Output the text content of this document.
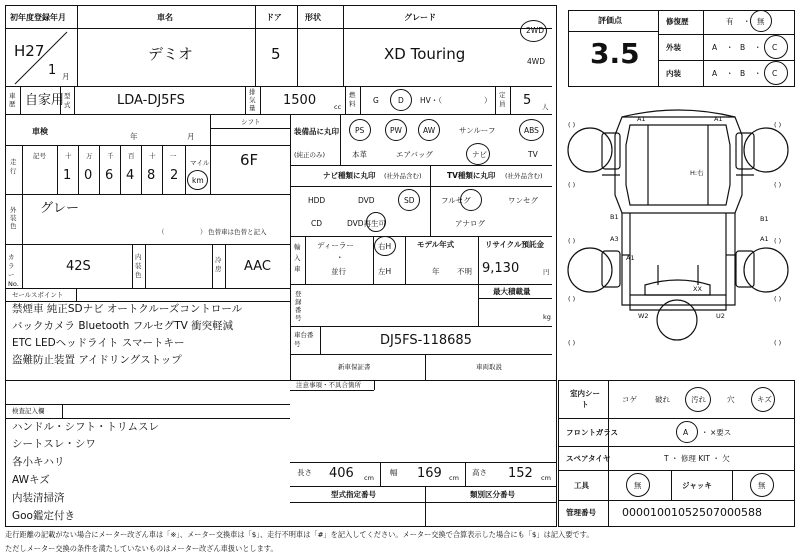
初年度登録年月
H27
1 月
車名
デミオ
ドア
5
形状	グレード
XD Touring
2WD
4WD
車歴 自家用 型式	LDA-DJ5FS
排気量 1500	cc
燃料 G	D HV・（	）
定員 5 人
車検
年	月
シフト
6F
走行
記号	十 万 千 百 十 一
1 0 6 4 8 2
マイル
km
外装色
グレー
（	） 色替車は色替と記入
カラーNo.
42S
内装色
冷房 AAC
セールスポイント
禁煙車 純正SDナビ オートクルーズコントロール
バックカメラ Bluetooth フルセグTV 衝突軽減
ETC LEDヘッドライト スマートキー
盗難防止装置 アイドリングストップ
検査記入欄
ハンドル・シフト・トリムスレ
シートスレ・シワ
各小キハリ
AWキズ
内装清掃済
Goo鑑定付き
装備品に丸印
(純正のみ)
PS	PW	AW	サンルーフ	ABS
本革	エアバッグ	ナビ	TV
ナビ種類に丸印 (社外品含む)
HDD	DVD	SD
CD	DVD再生可
TV種類に丸印 (社外品含む)
フルセグ	ワンセグ
アナログ
輸入車
ディーラー
・
並行
右H
左H
モデル年式
年 不明
リサイクル預託金
9,130	円
登録番号
最大積載量
kg
車台番号	DJ5FS-118685
新車保証書	車両取説
注意事項・不具合箇所
長さ 406 cm
幅 169 cm
高さ 152 cm
型式指定番号	類別区分番号
評価点
3.5
修復歴	有 ・ 無
外装	A ・ B ・ C
内装	A ・ B ・ C
( )	( )
( )	( )
( )	( )
( )	( )
( )	( )
A1	A1
H:右
B1
A3
B1
A1
A1
XX
W2	U2
室内シート
コゲ 破れ	汚れ	穴	キズ
フロントガラス	A ・ ×要ス
スペアタイヤ	T ・ 修理 KIT ・ 欠
工具	無	ジャッキ	無
管理番号 0000100105250700058​8
走行距離の記載がない場合にメーター改ざん車は「※」、メーター交換車は「$」、走行不明車は「#」を記入してください。メーター交換で合算表示した場合にも「$」は記入要です。
ただしメーター交換の条件を満たしていないものはメーター改ざん車扱いとします。
